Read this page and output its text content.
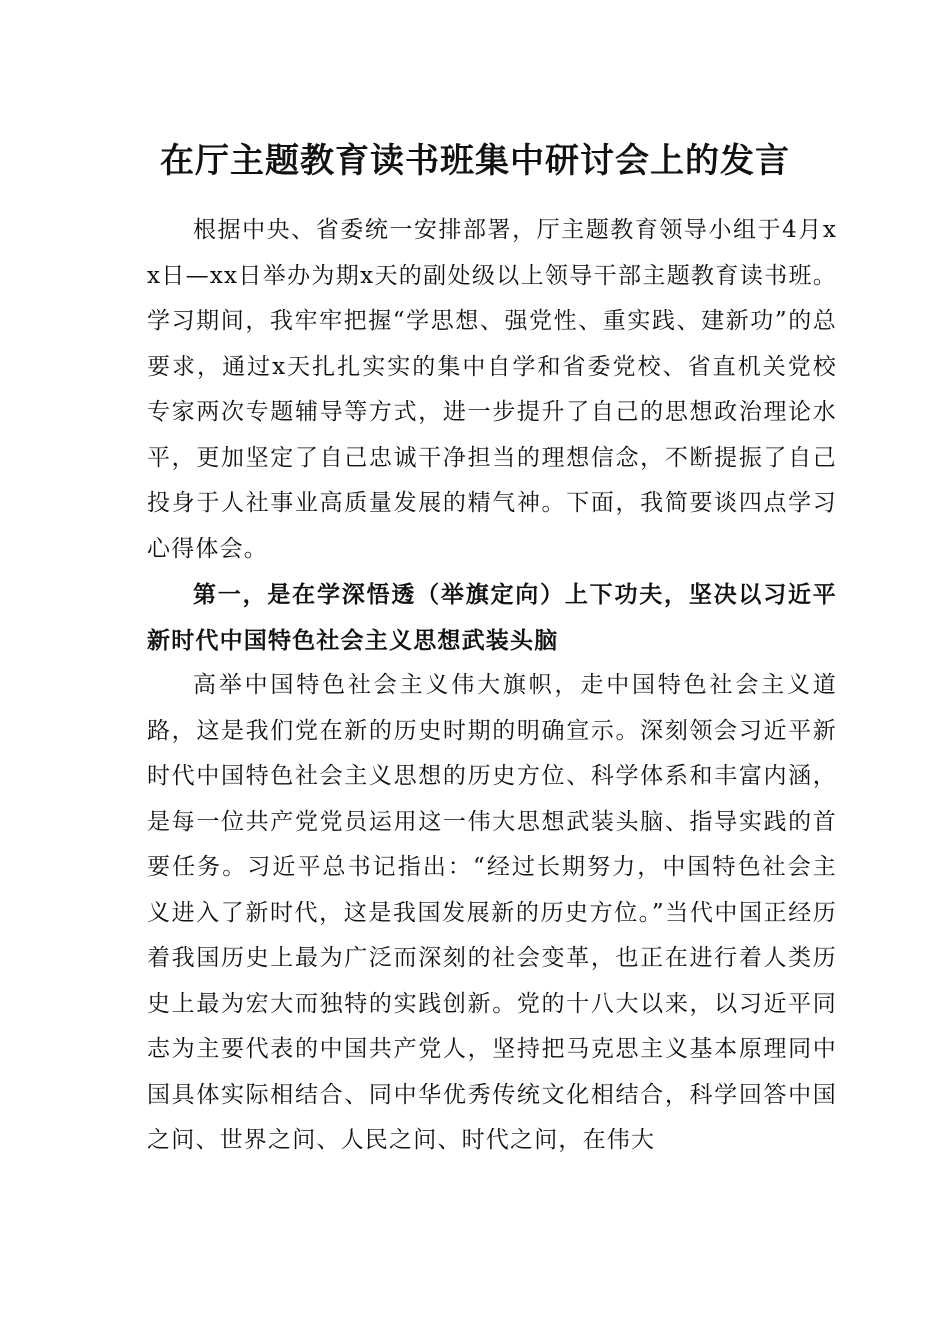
在厅主题教育读书班集中研讨会上的发言

根据中央、省委统一安排部署，厅主题教育领导小组于4月xx日—xx日举办为期x天的副处级以上领导干部主题教育读书班。学习期间，我牢牢把握“学思想、强党性、重实践、建新功”的总要求，通过x天扎扎实实的集中自学和省委党校、省直机关党校专家两次专题辅导等方式，进一步提升了自己的思想政治理论水平，更加坚定了自己忠诚干净担当的理想信念，不断提振了自己投身于人社事业高质量发展的精气神。下面，我简要谈四点学习心得体会。

第一，是在学深悟透（举旗定向）上下功夫，坚决以习近平新时代中国特色社会主义思想武装头脑

高举中国特色社会主义伟大旗帜，走中国特色社会主义道路，这是我们党在新的历史时期的明确宣示。深刻领会习近平新时代中国特色社会主义思想的历史方位、科学体系和丰富内涵，是每一位共产党党员运用这一伟大思想武装头脑、指导实践的首要任务。习近平总书记指出：“经过长期努力，中国特色社会主义进入了新时代，这是我国发展新的历史方位。”当代中国正经历着我国历史上最为广泛而深刻的社会变革，也正在进行着人类历史上最为宏大而独特的实践创新。党的十八大以来，以习近平同志为主要代表的中国共产党人，坚持把马克思主义基本原理同中国具体实际相结合、同中华优秀传统文化相结合，科学回答中国之问、世界之问、人民之问、时代之问，在伟大
